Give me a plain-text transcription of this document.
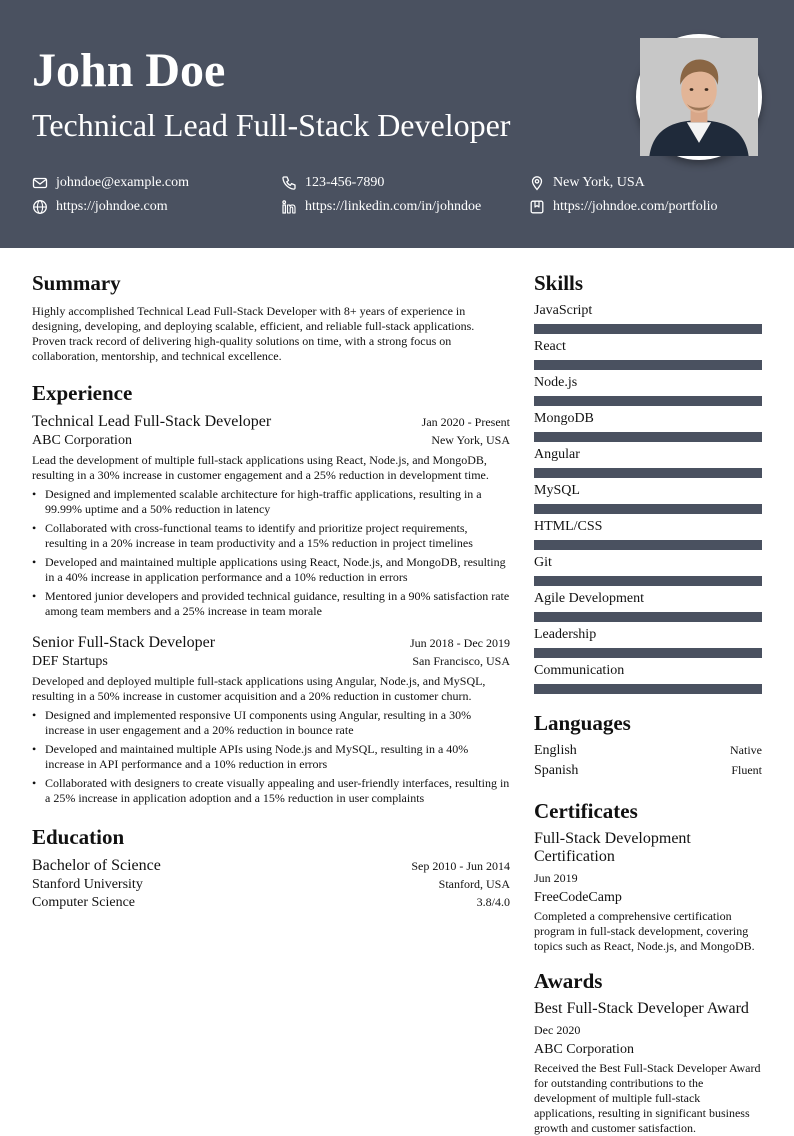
John Doe
Technical Lead Full-Stack Developer
johndoe@example.com	123-456-7890	New York, USA
https://johndoe.com	https://linkedin.com/in/johndoe	https://johndoe.com/portfolio
Summary

Highly accomplished Technical Lead Full-Stack Developer with 8+ years of experience in designing, developing, and deploying scalable, efficient, and reliable full-stack applications. Proven track record of delivering high-quality solutions on time, with a strong focus on collaboration, mentorship, and technical excellence.

Experience
Technical Lead Full-Stack Developer	Jan 2020 - Present
ABC Corporation	New York, USA

Lead the development of multiple full-stack applications using React, Node.js, and MongoDB, resulting in a 30% increase in customer engagement and a 25% reduction in development time.

• Designed and implemented scalable architecture for high-traffic applications, resulting in a 99.99% uptime and a 50% reduction in latency
• Collaborated with cross-functional teams to identify and prioritize project requirements, resulting in a 20% increase in team productivity and a 15% reduction in project timelines
• Developed and maintained multiple applications using React, Node.js, and MongoDB, resulting in a 40% increase in application performance and a 10% reduction in errors
• Mentored junior developers and provided technical guidance, resulting in a 90% satisfaction rate among team members and a 25% increase in team morale
Senior Full-Stack Developer	Jun 2018 - Dec 2019
DEF Startups	San Francisco, USA

Developed and deployed multiple full-stack applications using Angular, Node.js, and MySQL, resulting in a 50% increase in customer acquisition and a 20% reduction in customer churn.

• Designed and implemented responsive UI components using Angular, resulting in a 30% increase in user engagement and a 20% reduction in bounce rate
• Developed and maintained multiple APIs using Node.js and MySQL, resulting in a 40% increase in API performance and a 10% reduction in errors
• Collaborated with designers to create visually appealing and user-friendly interfaces, resulting in a 25% increase in application adoption and a 15% reduction in user complaints
Education
Bachelor of Science	Sep 2010 - Jun 2014
Stanford University	Stanford, USA
Computer Science	3.8/4.0
Skills
JavaScript
React
Node.js
MongoDB
Angular
MySQL
HTML/CSS
Git
Agile Development
Leadership
Communication
Languages
English	Native
Spanish	Fluent
Certificates
Full-Stack Development Certification
Jun 2019
FreeCodeCamp

Completed a comprehensive certification program in full-stack development, covering topics such as React, Node.js, and MongoDB.

Awards
Best Full-Stack Developer Award
Dec 2020
ABC Corporation

Received the Best Full-Stack Developer Award for outstanding contributions to the development of multiple full-stack applications, resulting in significant business growth and customer satisfaction.
